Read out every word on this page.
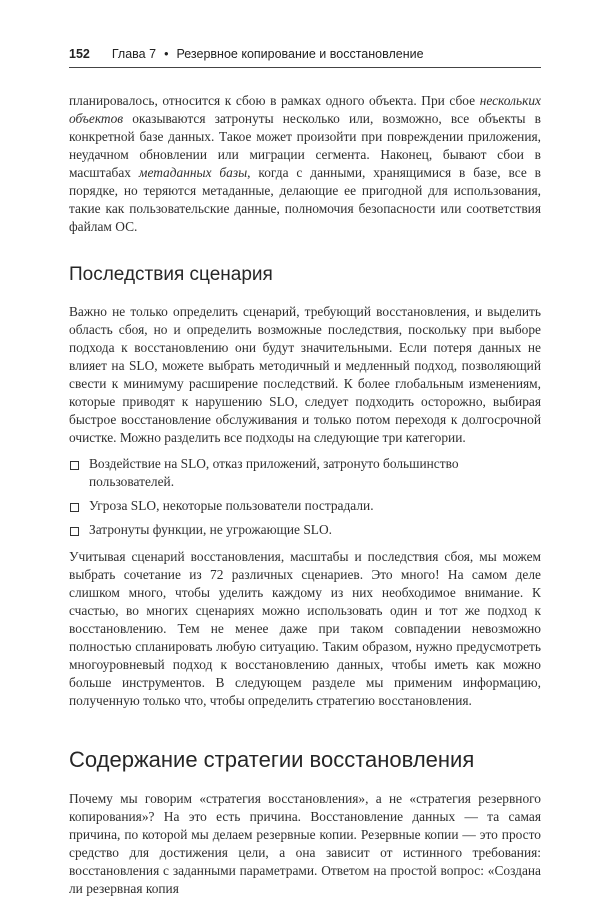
152 Глава 7 • Резервное копирование и восстановление

планировалось, относится к сбою в рамках одного объекта. При сбое нескольких объектов оказываются затронуты несколько или, возможно, все объекты в конкретной базе данных. Такое может произойти при повреждении приложения, неудачном обновлении или миграции сегмента. Наконец, бывают сбои в масштабах метаданных базы, когда с данными, хранящимися в базе, все в порядке, но теряются метаданные, делающие ее пригодной для использования, такие как пользовательские данные, полномочия безопасности или соответствия файлам ОС.

Последствия сценария

Важно не только определить сценарий, требующий восстановления, и выделить область сбоя, но и определить возможные последствия, поскольку при выборе подхода к восстановлению они будут значительными. Если потеря данных не влияет на SLO, можете выбрать методичный и медленный подход, позволяющий свести к минимуму расширение последствий. К более глобальным изменениям, которые приводят к нарушению SLO, следует подходить осторожно, выбирая быстрое восстановление обслуживания и только потом переходя к долгосрочной очистке. Можно разделить все подходы на следующие три категории.

Воздействие на SLO, отказ приложений, затронуто большинство пользователей.
Угроза SLO, некоторые пользователи пострадали.
Затронуты функции, не угрожающие SLO.

Учитывая сценарий восстановления, масштабы и последствия сбоя, мы можем выбрать сочетание из 72 различных сценариев. Это много! На самом деле слишком много, чтобы уделить каждому из них необходимое внимание. К счастью, во многих сценариях можно использовать один и тот же подход к восстановлению. Тем не менее даже при таком совпадении невозможно полностью спланировать любую ситуацию. Таким образом, нужно предусмотреть многоуровневый подход к восстановлению данных, чтобы иметь как можно больше инструментов. В следующем разделе мы применим информацию, полученную только что, чтобы определить стратегию восстановления.

Содержание стратегии восстановления

Почему мы говорим «стратегия восстановления», а не «стратегия резервного копирования»? На это есть причина. Восстановление данных — та самая причина, по которой мы делаем резервные копии. Резервные копии — это просто средство для достижения цели, а она зависит от истинного требования: восстановления с заданными параметрами. Ответом на простой вопрос: «Создана ли резервная копия
